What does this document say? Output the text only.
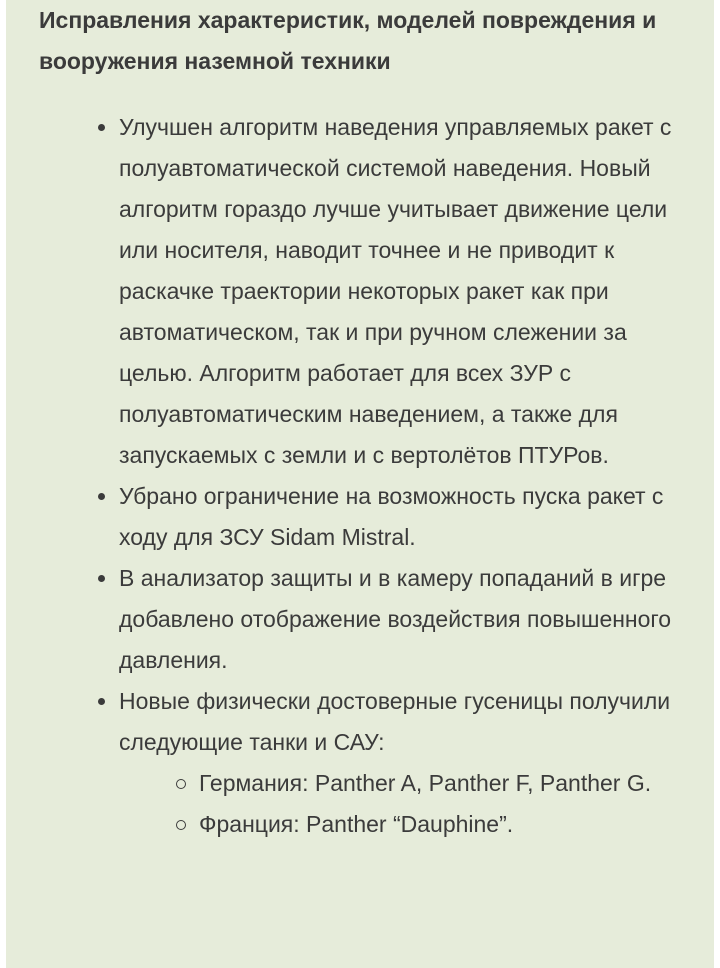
Исправления характеристик, моделей повреждения и вооружения наземной техники
Улучшен алгоритм наведения управляемых ракет с полуавтоматической системой наведения. Новый алгоритм гораздо лучше учитывает движение цели или носителя, наводит точнее и не приводит к раскачке траектории некоторых ракет как при автоматическом, так и при ручном слежении за целью. Алгоритм работает для всех ЗУР с полуавтоматическим наведением, а также для запускаемых с земли и с вертолётов ПТУРов.
Убрано ограничение на возможность пуска ракет с ходу для ЗСУ Sidam Mistral.
В анализатор защиты и в камеру попаданий в игре добавлено отображение воздействия повышенного давления.
Новые физически достоверные гусеницы получили следующие танки и САУ:
Германия: Panther A, Panther F, Panther G.
Франция: Panther “Dauphine”.
